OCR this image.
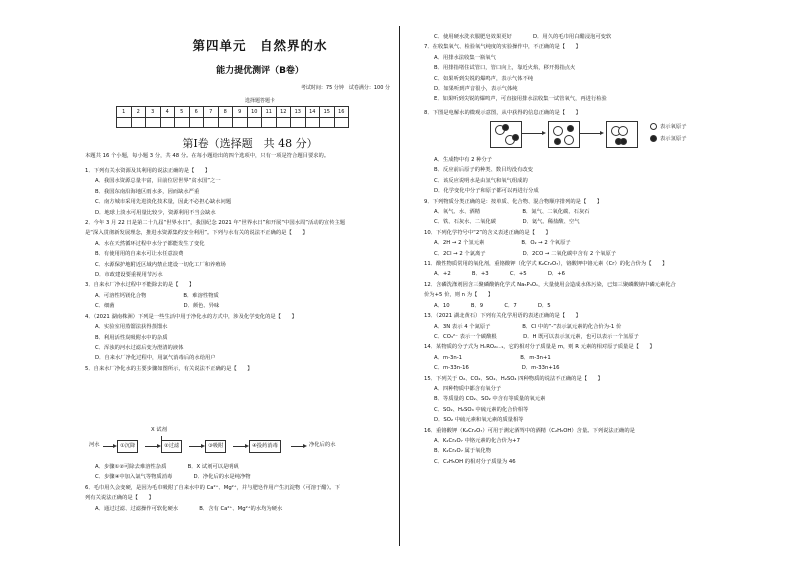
第四单元　自然界的水
能力提优测评（B卷）
考试时间：75 分钟　试卷满分：100 分
选择题答题卡
1	2	3	4	5	6	7	8	9	10	11	12	13	14	15	16

第Ⅰ卷（选择题　共 48 分）
本题共 16 个小题，每小题 3 分，共 48 分。在每小题给出的四个选项中，只有一项是符合题目要求的。
1．下列有关水资源及其利用的说法正确的是【　　】
A．我国水资源总量丰富，目前位居世界“贫水国”之一
B．我国东南沿海地区雨水多，因而缺水严重
C．南方城市采用先进淡化技术量，因此不必担心缺水问题
D．地球上淡水可用量比较少，资源利用不当会缺水
2．今年 3 月 22 日是第二十九届“世界水日”，我国纪念 2021 年“世界水日”和开展“中国水周”活动的宣传主题
是“深入贯彻新发展理念，推进水资源集约安全利用”。下列与水有关的说法不正确的是【　　】
A．水在天然循环过程中水分子都能发生了变化
B．有使用用的自来水可让水任意浪费
C．水源保护地附近区域内禁止建设一切化工厂和养殖场
D．市政建设要重视用节污水
3．自来水厂净水过程中不能除去的是【　　】
A．可溶性钙镁化合物　　　　　　　B．难溶性物质
C．细菌　　　　　　　　　　　　　D．颜色、异味
4．（2021 湖南株洲）下列是一些生活中用于净化水的方式中，涉及化学变化的是【　　】
A．实验室用蒸馏法获得蒸馏水
B．利用活性炭吸附水中的杂质
C．浑浊的河水过滤后变为澄清的液体
D．自来水厂净化过程中，用氯气消毒后的水给用户
5．自来水厂净化水的主要步骤如图所示，有关说法不正确的是【　　】
X 试剂
河水	①沉降	②过滤	③吸附	④投药消毒	净化后的水
A．步骤①②可除去难溶性杂质　　　　B．X 试剂可以是明矾
C．步骤④中加入氯气等物质消毒　　　　D．净化后的水是纯净物
6．毛巾用久会变硬，是因为毛巾吸附了自来水中的 Ca²⁺、Mg²⁺，并与肥皂作用产生沉淀物（可溶于醋）。下
列有关说法正确的是【　　】
A．通过过滤、过滤操作可软化硬水　　　　B．含有 Ca²⁺、Mg²⁺的水均为硬水
C．使用硬水洗衣服肥皂效果更好　　　　D．用久的毛巾用白醋浸泡可变软
7．在收集氧气、检验氧气纯度的实验操作中，不正确的是【　　】
A．用排水法收集一瓶氧气
B．用排指堵住试管口，管口向上，靠近火焰，移开拇指点火
C．如果听到尖锐的爆鸣声，表示气体不纯
D．如果听到声音很小，表示气体纯
E．如果听到尖锐的爆鸣声，可直接用排水法收集一试管氧气，再进行检验
8．下图是电解水的微观示意图，从中获得的信息正确的是【　　】
表示氧原子
表示氢原子
A．生成物中有 2 种分子
B．反应前后原子的种类、数目均没有改变
C．该反应说明水是由氢气和氧气组成的
D．化学变化中分子和原子都可以再进行分成
9．下列物质分类正确的是：按单质、化合物、混合物顺序排列的是【　　】
A．氧气、水、酒精　　　　　　　　B．氮气、二氧化碳、石灰石
C．铁、石灰水、二氧化碳　　　　　D．氦气、稀盐酸、空气
10．下列化学符号中“2”的含义表述正确的是【　　】
A．2H → 2 个氢元素　　　　　　　B．O₂ → 2 个氧原子
C．2Cl → 2 个氯离子　　　　　　　D．2CO → 二氧化碳中含有 2 个氧原子
11．酸性物质常用的氧化剂，重铬酸钾（化学式 K₂Cr₂O₇），铬酸钾中铬元素（Cr）的化合价为【　　】
A．+2　　　　B．+3　　　　C．+5　　　　D．+6
12．含磷洗涤剂因含三聚磷酸钠化学式 Na₅P₃Oₙ，大量使用会造成水体污染，已知三聚磷酸钠中磷元素化合
价为+5 价，则 n 为【　　】
A．10　　　　B．9　　　　C．7　　　　D．5
13．（2021 湖北黄石）下列有关化学用语的表述正确的是【　　】
A．3N 表示 4 个氮原子　　　　　　B．Cl 中的“-”表示氯元素的化合价为-1 价
C．CO₃²⁻ 表示一个碳酸根　　　　　D．H 既可以表示氢元素，也可以表示一个氢原子
14．某物质的分子式为 HₙRO₂ₙ₋₁，它的相对分子质量是 m，则 R 元素的相对原子质量是【　　】
A．m-3n-1　　　　　　　　　　　B．m-3n+1
C．m-33n-16　　　　　　　　　　D．m-33n+16
15．下列关于 O₂、CO₂、SO₂、H₂SO₄ 四种物质的说法不正确的是【　　】
A．四种物质中都含有氧分子
B．等质量的 CO₂、SO₂ 中含有等质量的氧元素
C．SO₂、H₂SO₄ 中硫元素的化合价相等
D．SO₂ 中硫元素和氧元素的质量相等
16．重铬酸钾（K₂Cr₂O₇）可用于测定酒驾中的酒精（C₂H₅OH）含量。下列说法正确的是
A．K₂Cr₂O₇ 中铬元素的化合价为+7
B．K₂Cr₂O₇ 属于氧化物
C．C₂H₅OH 的相对分子质量为 46
